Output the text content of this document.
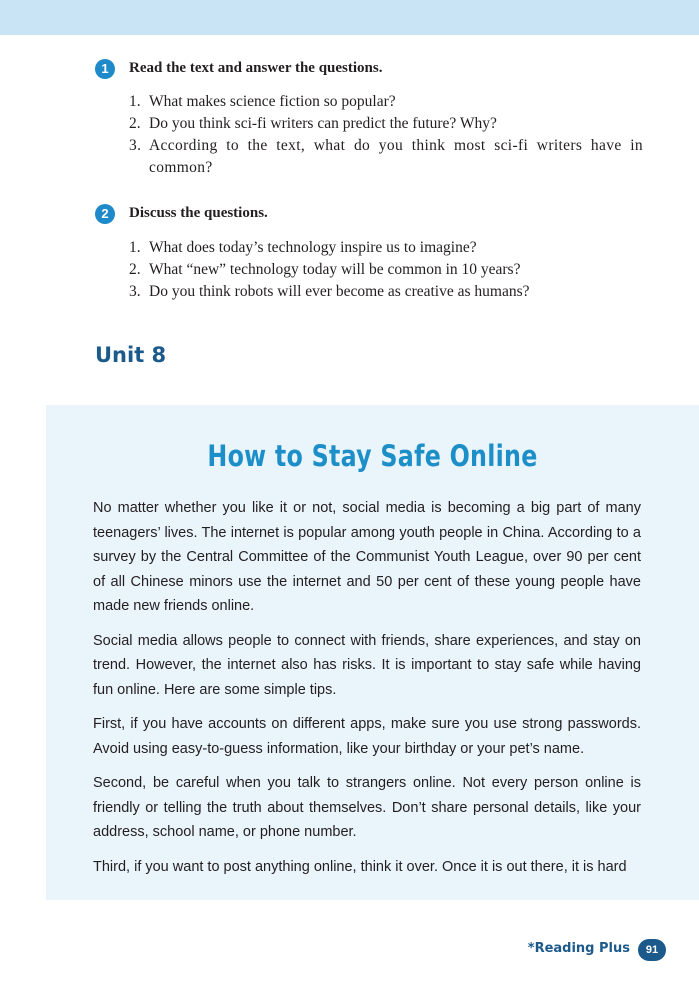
1	Read the text and answer the questions.
1. What makes science fiction so popular?
2. Do you think sci-fi writers can predict the future? Why?
3. According to the text, what do you think most sci-fi writers have in common?
2	Discuss the questions.
1. What does today’s technology inspire us to imagine?
2. What “new” technology today will be common in 10 years?
3. Do you think robots will ever become as creative as humans?
Unit 8
How to Stay Safe Online

No matter whether you like it or not, social media is becoming a big part of many teenagers’ lives. The internet is popular among youth people in China. According to a survey by the Central Committee of the Communist Youth League, over 90 per cent of all Chinese minors use the internet and 50 per cent of these young people have made new friends online.

Social media allows people to connect with friends, share experiences, and stay on trend. However, the internet also has risks. It is important to stay safe while having fun online. Here are some simple tips.

First, if you have accounts on different apps, make sure you use strong passwords. Avoid using easy-to-guess information, like your birthday or your pet’s name.

Second, be careful when you talk to strangers online. Not every person online is friendly or telling the truth about themselves. Don’t share personal details, like your address, school name, or phone number.

Third, if you want to post anything online, think it over. Once it is out there, it is hard

*Reading Plus	91
